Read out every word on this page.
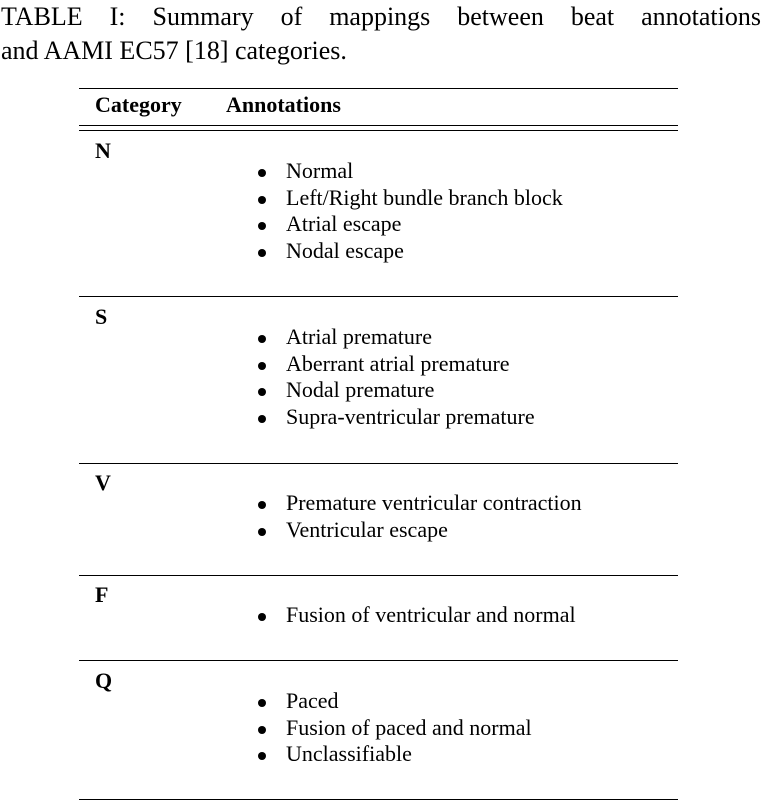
TABLE I: Summary of mappings between beat annotations
and AAMI EC57 [18] categories.
Category Annotations
N
Normal
Left/Right bundle branch block
Atrial escape
Nodal escape
S
Atrial premature
Aberrant atrial premature
Nodal premature
Supra-ventricular premature
V
Premature ventricular contraction
Ventricular escape
F
Fusion of ventricular and normal
Q
Paced
Fusion of paced and normal
Unclassifiable
